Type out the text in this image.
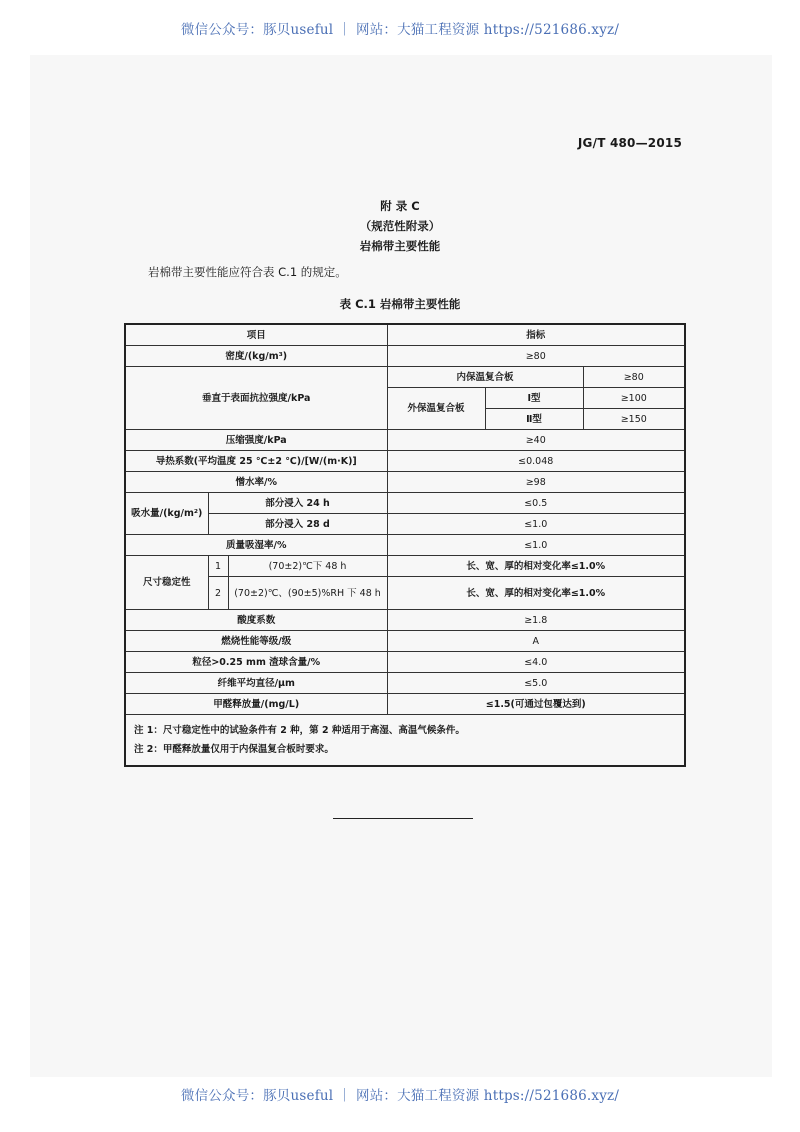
微信公众号：豚贝useful ｜ 网站：大猫工程资源 https://521686.xyz/
JG/T 480—2015
附 录 C
（规范性附录）
岩棉带主要性能
岩棉带主要性能应符合表 C.1 的规定。
表 C.1 岩棉带主要性能
项目			指标		
密度/(kg/m³)			≥80		
垂直于表面抗拉强度/kPa			内保温复合板		≥80
			外保温复合板	Ⅰ型	≥100
				Ⅱ型	≥150
压缩强度/kPa			≥40		
导热系数(平均温度 25 ℃±2 ℃)/[W/(m·K)]			≤0.048		
憎水率/%			≥98		
吸水量/(kg/m²)	部分浸入 24 h		≤0.5		
	部分浸入 28 d		≤1.0		
质量吸湿率/%			≤1.0		
尺寸稳定性	1	(70±2)℃下 48 h	长、宽、厚的相对变化率≤1.0%		
	2	(70±2)℃、(90±5)%RH 下 48 h	长、宽、厚的相对变化率≤1.0%		
酸度系数			≥1.8		
燃烧性能等级/级			A		
粒径>0.25 mm 渣球含量/%			≤4.0		
纤维平均直径/μm			≤5.0		
甲醛释放量/(mg/L)			≤1.5(可通过包覆达到)		

注 1：尺寸稳定性中的试验条件有 2 种，第 2 种适用于高湿、高温气候条件。
注 2：甲醛释放量仅用于内保温复合板时要求。					
微信公众号：豚贝useful ｜ 网站：大猫工程资源 https://521686.xyz/
